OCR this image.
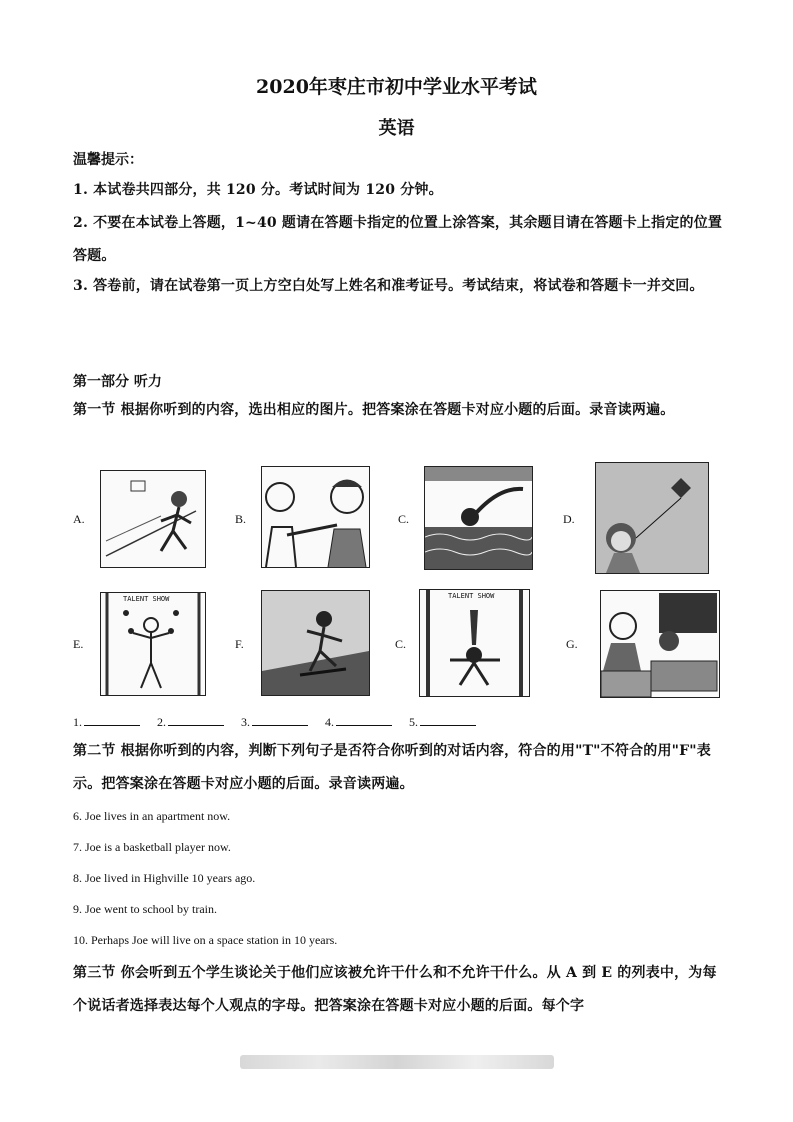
2020年枣庄市初中学业水平考试
英语
温馨提示：
1. 本试卷共四部分，共 120 分。考试时间为 120 分钟。
2. 不要在本试卷上答题，1~40 题请在答题卡指定的位置上涂答案，其余题目请在答题卡上指定的位置答题。
3. 答卷前，请在试卷第一页上方空白处写上姓名和准考证号。考试结束，将试卷和答题卡一并交回。
第一部分 听力
第一节 根据你听到的内容，选出相应的图片。把答案涂在答题卡对应小题的后面。录音读两遍。
A.	B.	C.	D.
E.
TALENT SHOW
F.	C.
TALENT SHOW
G.
1.	2.	3.	4.	5.
第二节 根据你听到的内容，判断下列句子是否符合你听到的对话内容，符合的用"T"不符合的用"F"表示。把答案涂在答题卡对应小题的后面。录音读两遍。
6. Joe lives in an apartment now.
7. Joe is a basketball player now.
8. Joe lived in Highville 10 years ago.
9. Joe went to school by train.
10. Perhaps Joe will live on a space station in 10 years.
第三节 你会听到五个学生谈论关于他们应该被允许干什么和不允许干什么。从 A 到 E 的列表中，为每个说话者选择表达每个人观点的字母。把答案涂在答题卡对应小题的后面。每个字
